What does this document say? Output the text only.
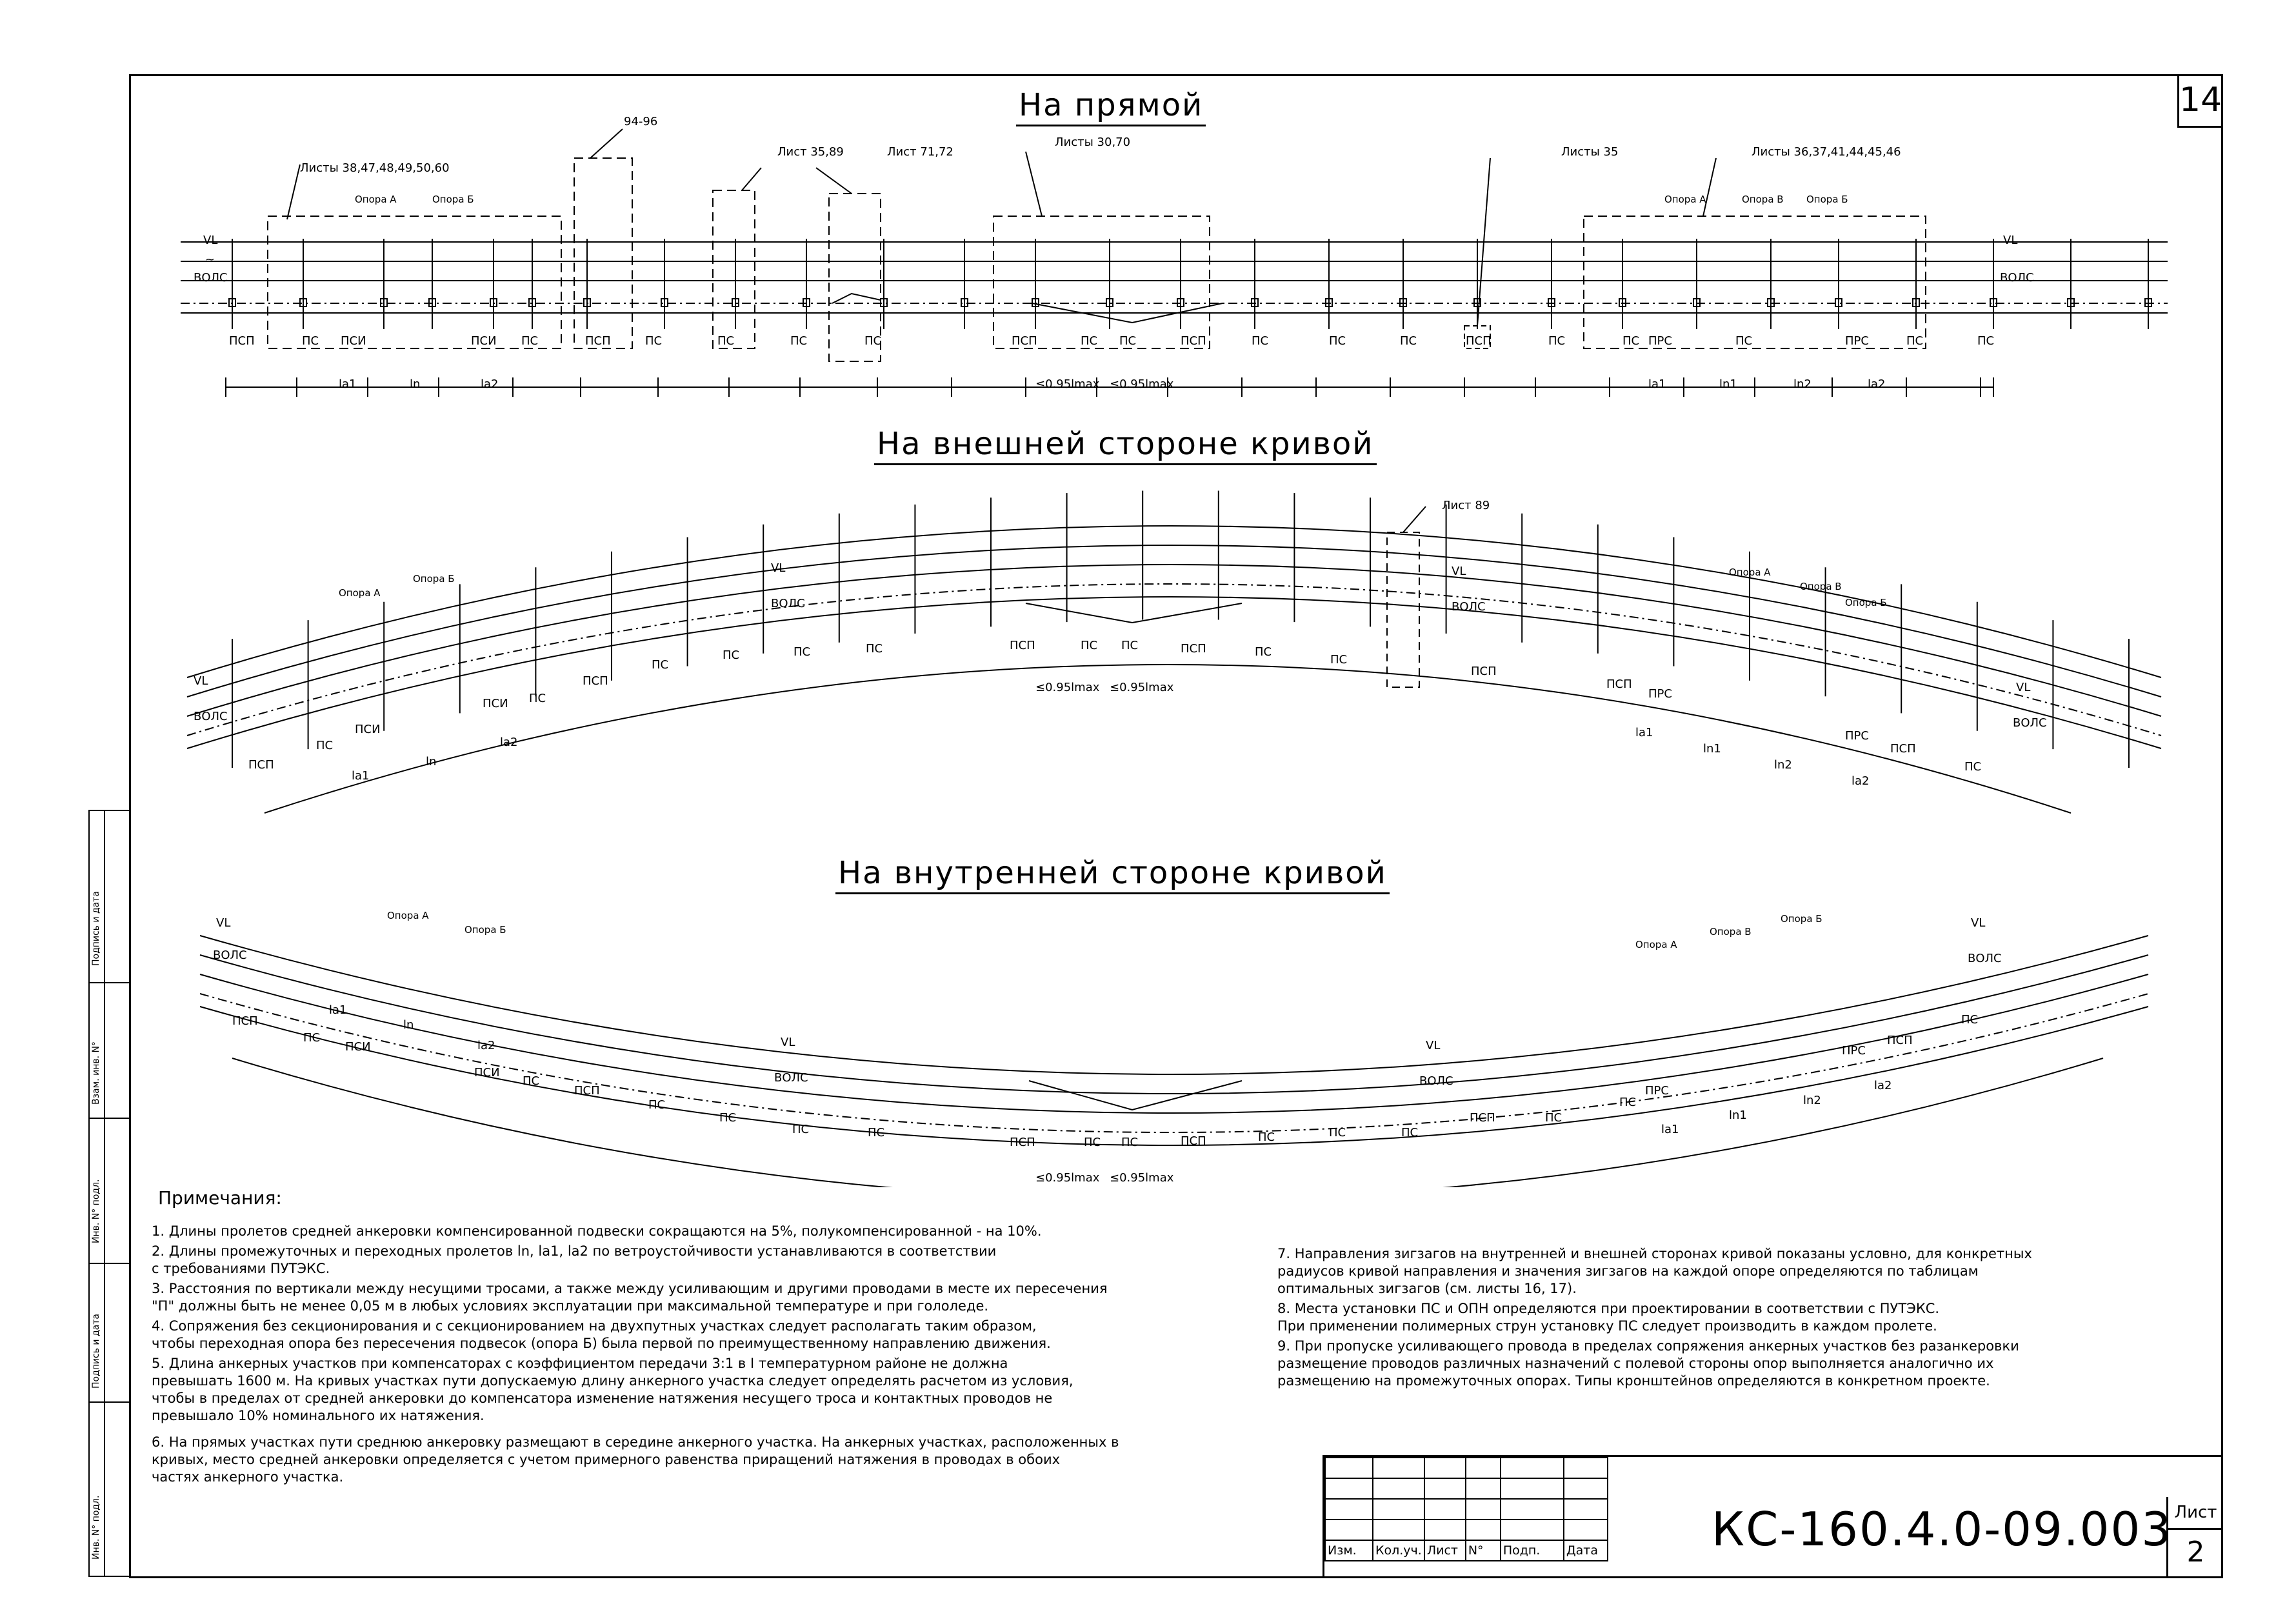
14
Подпись и дата
Взам. инв. N°
Инв. N° подл.
Подпись и дата
Инв. N° подл.
На прямой
На внешней стороне кривой
На внутренней стороне кривой
Листы 38,47,48,49,50,60
94-96
Лист 35,89	Лист 71,72
Листы 30,70
Листы 35	Листы 36,37,41,44,45,46
Опора А	Опора Б	Опора А	Опора В Опора Б
VL
~
ВОЛС
VL
ВОЛС
≤0.95lmax ≤0.95lmax
la1	ln	la2	la1	ln1	ln2	la2
ПСП	ПС ПСИ	ПСИ ПС	ПСП	ПС	ПС	ПС	ПС	ПСП	ПС ПС	ПСП	ПС	ПС	ПС	ПСП	ПС	ПС ПРС	ПС	ПРС	ПС	ПС
Лист 89
Опора А
Опора Б
Опора А
Опора В
Опора Б
≤0.95lmax ≤0.95lmax
la1
ln
la2
la1
ln1
ln2
la2
ПСП
ПС
ПСИ
ПСИ ПС
ПСП
ПС
ПС	ПС	ПС	ПСП	ПС ПС	ПСП	ПС
ПС
ПСП
ПСП
ПРС
ПРС
ПСП
ПС
VL
ВОЛС
VL
ВОЛС
VL
ВОЛС
VL
ВОЛС
Опора А
Опора Б
Опора А
Опора В
Опора Б
≤0.95lmax ≤0.95lmax
la1
ln
la2
la1
ln1
ln2
la2
ПСП
ПС
ПСИ
ПСИ
ПС
ПСП
ПС
ПС
ПС	ПС
ПСП	ПС ПС	ПСП	ПС	ПС	ПС
ПСП	ПС
ПС
ПРС
ПРС
ПСП
ПС
VL
ВОЛС
VL
ВОЛС
VL
ВОЛС
VL
ВОЛС
Примечания:
1. Длины пролетов средней анкеровки компенсированной подвески сокращаются на 5%, полукомпенсированной - на 10%.
2. Длины промежуточных и переходных пролетов ln, la1, la2 по ветроустойчивости устанавливаются в соответствии
с требованиями ПУТЭКС.
3. Расстояния по вертикали между несущими тросами, а также между усиливающим и другими проводами в месте их пересечения
"П" должны быть не менее 0,05 м в любых условиях эксплуатации при максимальной температуре и при гололеде.
4. Сопряжения без секционирования и с секционированием на двухпутных участках следует располагать таким образом,
чтобы переходная опора без пересечения подвесок (опора Б) была первой по преимущественному направлению движения.
5. Длина анкерных участков при компенсаторах с коэффициентом передачи 3:1 в I температурном районе не должна
превышать 1600 м. На кривых участках пути допускаемую длину анкерного участка следует определять расчетом из условия,
чтобы в пределах от средней анкеровки до компенсатора изменение натяжения несущего троса и контактных проводов не
превышало 10% номинального их натяжения.
6. На прямых участках пути среднюю анкеровку размещают в середине анкерного участка. На анкерных участках, расположенных в
кривых, место средней анкеровки определяется с учетом примерного равенства приращений натяжения в проводах в обоих
частях анкерного участка.
7. Направления зигзагов на внутренней и внешней сторонах кривой показаны условно, для конкретных
радиусов кривой направления и значения зигзагов на каждой опоре определяются по таблицам
оптимальных зигзагов (см. листы 16, 17).
8. Места установки ПС и ОПН определяются при проектировании в соответствии с ПУТЭКС.
При применении полимерных струн установку ПС следует производить в каждом пролете.
9. При пропуске усиливающего провода в пределах сопряжения анкерных участков без разанкеровки
размещение проводов различных назначений с полевой стороны опор выполняется аналогично их
размещению на промежуточных опорах. Типы кронштейнов определяются в конкретном проекте.

Изм.	Кол.уч.	Лист	N°	Подп.	Дата КС-160.4.0-09.003 Лист
2
